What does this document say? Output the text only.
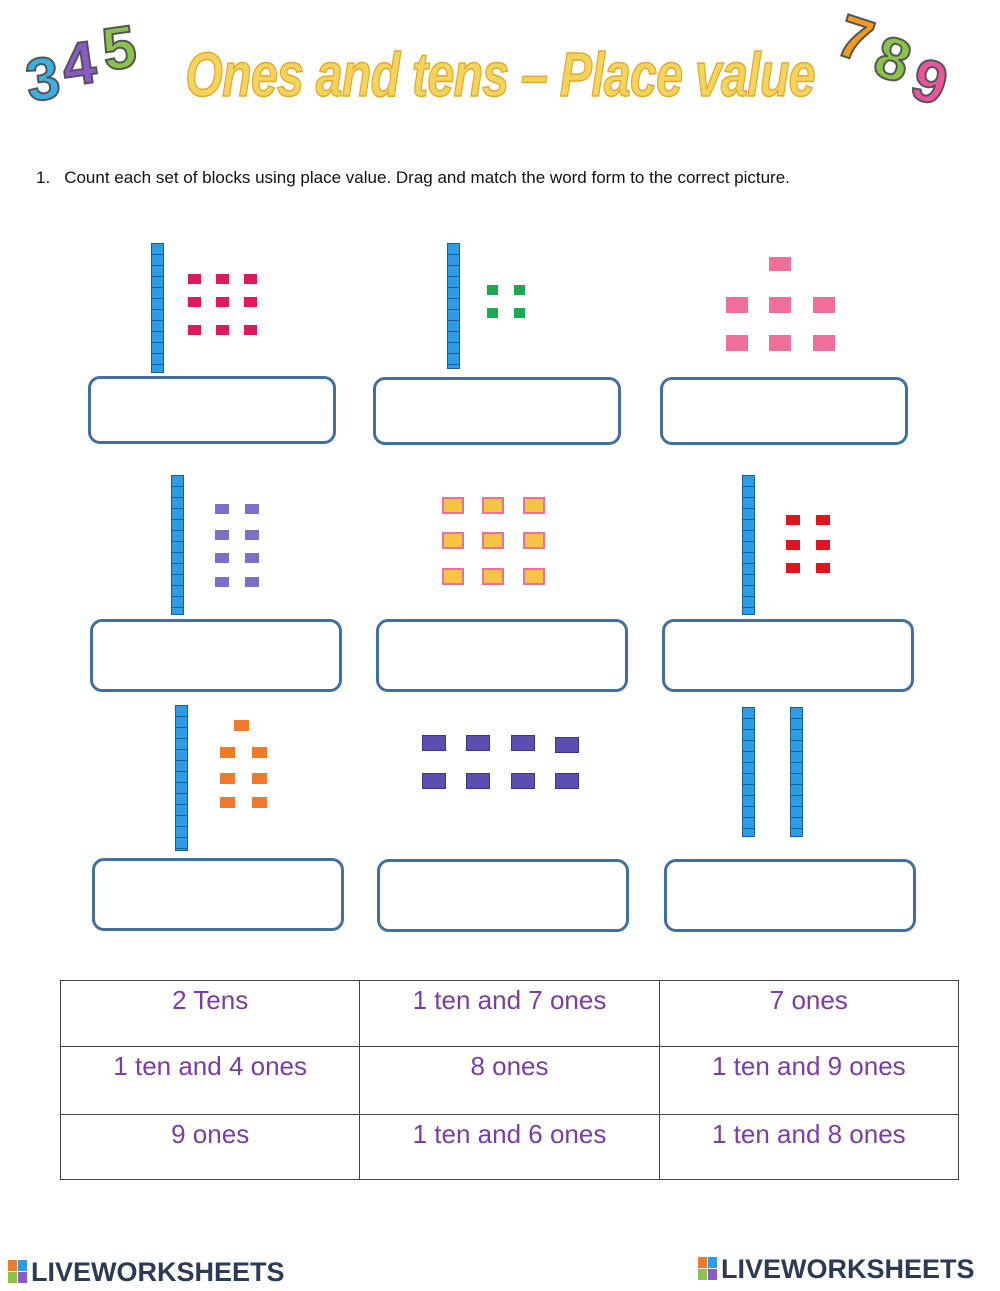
3
4
5 Ones and tens – Place value 7
8
9
1. Count each set of blocks using place value. Drag and match the word form to the correct picture.
2 Tens	1 ten and 7 ones	7 ones
1 ten and 4 ones	8 ones	1 ten and 9 ones
9 ones	1 ten and 6 ones	1 ten and 8 ones
LIVEWORKSHEETS	LIVEWORKSHEETS
